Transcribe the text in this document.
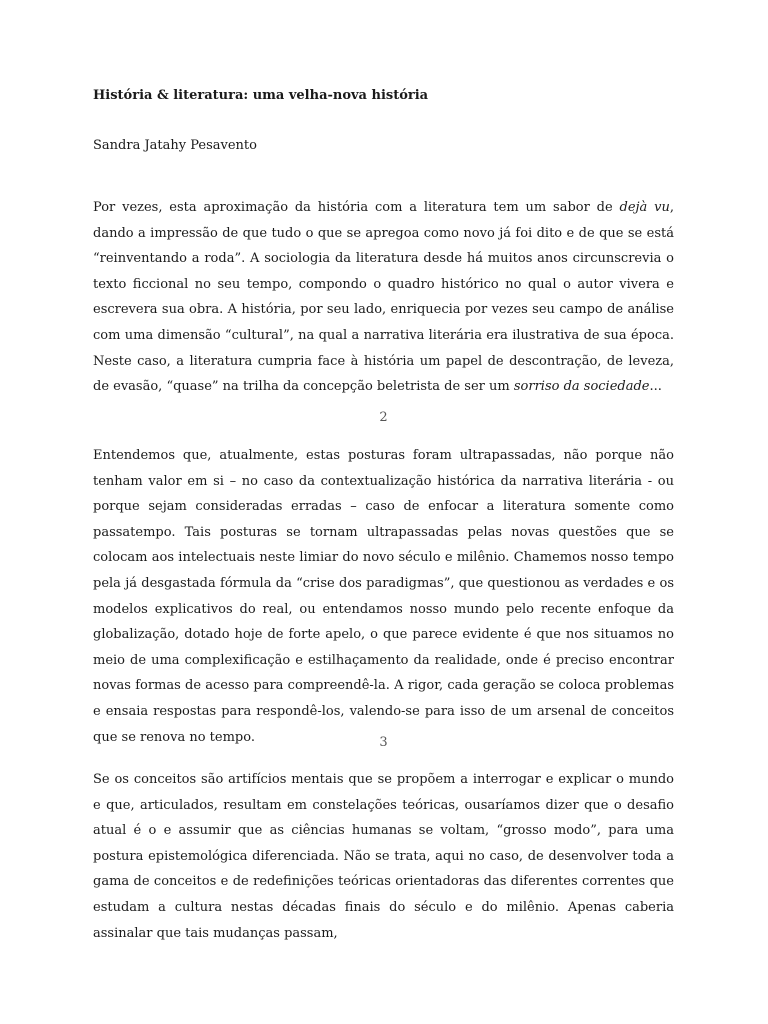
História & literatura: uma velha-nova história
Sandra Jatahy Pesavento

Por vezes, esta aproximação da história com a literatura tem um sabor de dejà vu, dando a impressão de que tudo o que se apregoa como novo já foi dito e de que se está “reinventando a roda”. A sociologia da literatura desde há muitos anos circunscrevia o texto ficcional no seu tempo, compondo o quadro histórico no qual o autor vivera e escrevera sua obra. A história, por seu lado, enriquecia por vezes seu campo de análise com uma dimensão “cultural”, na qual a narrativa literária era ilustrativa de sua época. Neste caso, a literatura cumpria face à história um papel de descontração, de leveza, de evasão, “quase” na trilha da concepção beletrista de ser um sorriso da sociedade...

2

Entendemos que, atualmente, estas posturas foram ultrapassadas, não porque não tenham valor em si – no caso da contextualização histórica da narrativa literária - ou porque sejam consideradas erradas – caso de enfocar a literatura somente como passatempo. Tais posturas se tornam ultrapassadas pelas novas questões que se colocam aos intelectuais neste limiar do novo século e milênio. Chamemos nosso tempo pela já desgastada fórmula da “crise dos paradigmas”, que questionou as verdades e os modelos explicativos do real, ou entendamos nosso mundo pelo recente enfoque da globalização, dotado hoje de forte apelo, o que parece evidente é que nos situamos no meio de uma complexificação e estilhaçamento da realidade, onde é preciso encontrar novas formas de acesso para compreendê-la. A rigor, cada geração se coloca problemas e ensaia respostas para respondê-los, valendo-se para isso de um arsenal de conceitos que se renova no tempo.	3

Se os conceitos são artifícios mentais que se propõem a interrogar e explicar o mundo e que, articulados, resultam em constelações teóricas, ousaríamos dizer que o desafio atual é o e assumir que as ciências humanas se voltam, “grosso modo”, para uma postura epistemológica diferenciada. Não se trata, aqui no caso, de desenvolver toda a gama de conceitos e de redefinições teóricas orientadoras das diferentes correntes que estudam a cultura nestas décadas finais do século e do milênio. Apenas caberia assinalar que tais mudanças passam,
